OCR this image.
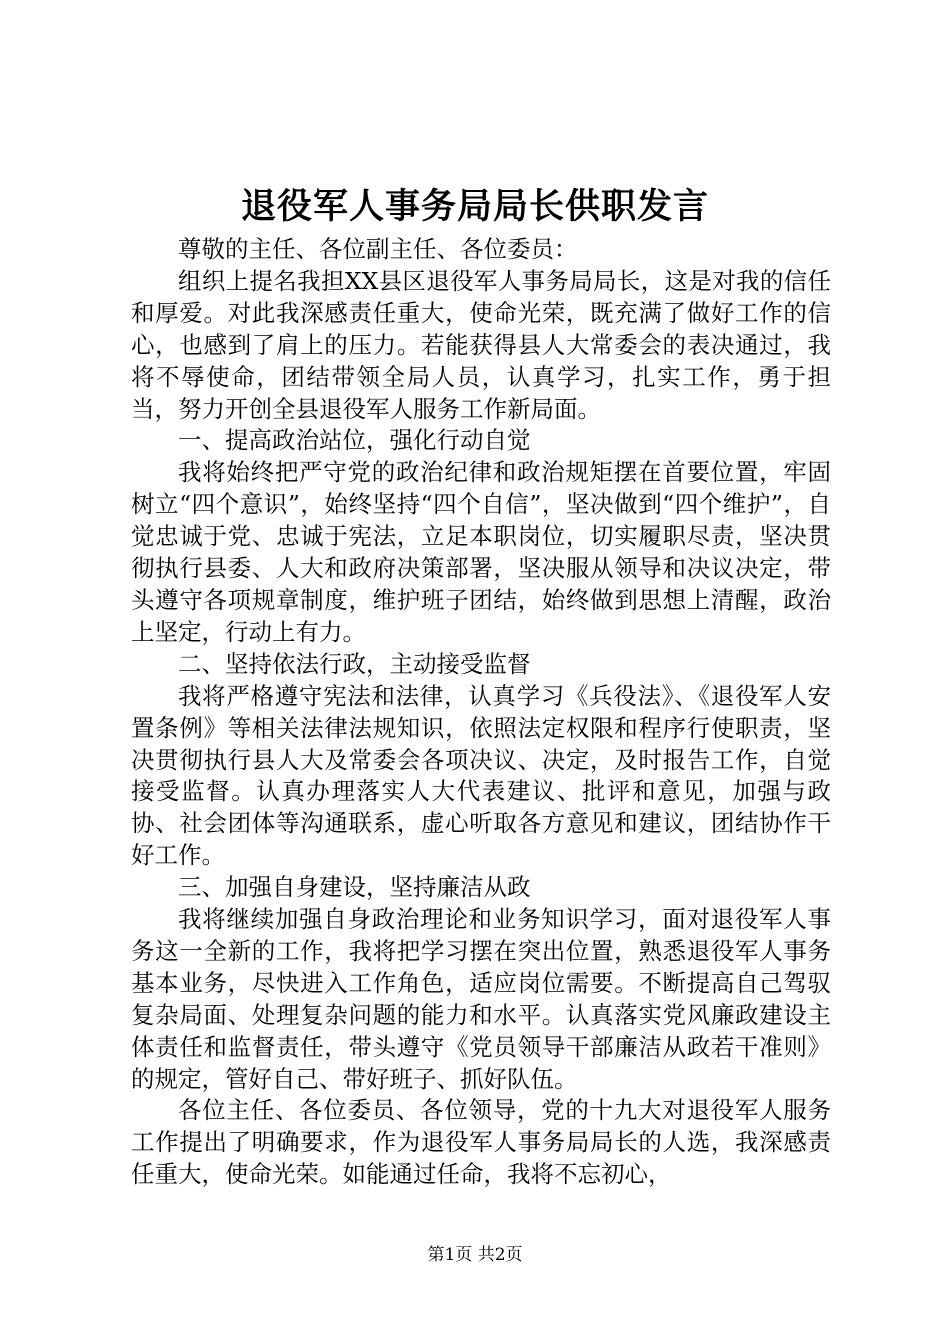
退役军人事务局局长供职发言

尊敬的主任、各位副主任、各位委员：

组织上提名我担XX县区退役军人事务局局长，这是对我的信任和厚爱。对此我深感责任重大，使命光荣，既充满了做好工作的信心，也感到了肩上的压力。若能获得县人大常委会的表决通过，我将不辱使命，团结带领全局人员，认真学习，扎实工作，勇于担当，努力开创全县退役军人服务工作新局面。

一、提高政治站位，强化行动自觉

我将始终把严守党的政治纪律和政治规矩摆在首要位置，牢固树立“四个意识”，始终坚持“四个自信”，坚决做到“四个维护”，自觉忠诚于党、忠诚于宪法，立足本职岗位，切实履职尽责，坚决贯彻执行县委、人大和政府决策部署，坚决服从领导和决议决定，带头遵守各项规章制度，维护班子团结，始终做到思想上清醒，政治上坚定，行动上有力。

二、坚持依法行政，主动接受监督

我将严格遵守宪法和法律，认真学习《兵役法》、《退役军人安置条例》等相关法律法规知识，依照法定权限和程序行使职责，坚决贯彻执行县人大及常委会各项决议、决定，及时报告工作，自觉接受监督。认真办理落实人大代表建议、批评和意见，加强与政协、社会团体等沟通联系，虚心听取各方意见和建议，团结协作干好工作。

三、加强自身建设，坚持廉洁从政

我将继续加强自身政治理论和业务知识学习，面对退役军人事务这一全新的工作，我将把学习摆在突出位置，熟悉退役军人事务基本业务，尽快进入工作角色，适应岗位需要。不断提高自己驾驭复杂局面、处理复杂问题的能力和水平。认真落实党风廉政建设主体责任和监督责任，带头遵守《党员领导干部廉洁从政若干准则》的规定，管好自己、带好班子、抓好队伍。

各位主任、各位委员、各位领导，党的十九大对退役军人服务工作提出了明确要求，作为退役军人事务局局长的人选，我深感责任重大，使命光荣。如能通过任命，我将不忘初心，

第1页 共2页
